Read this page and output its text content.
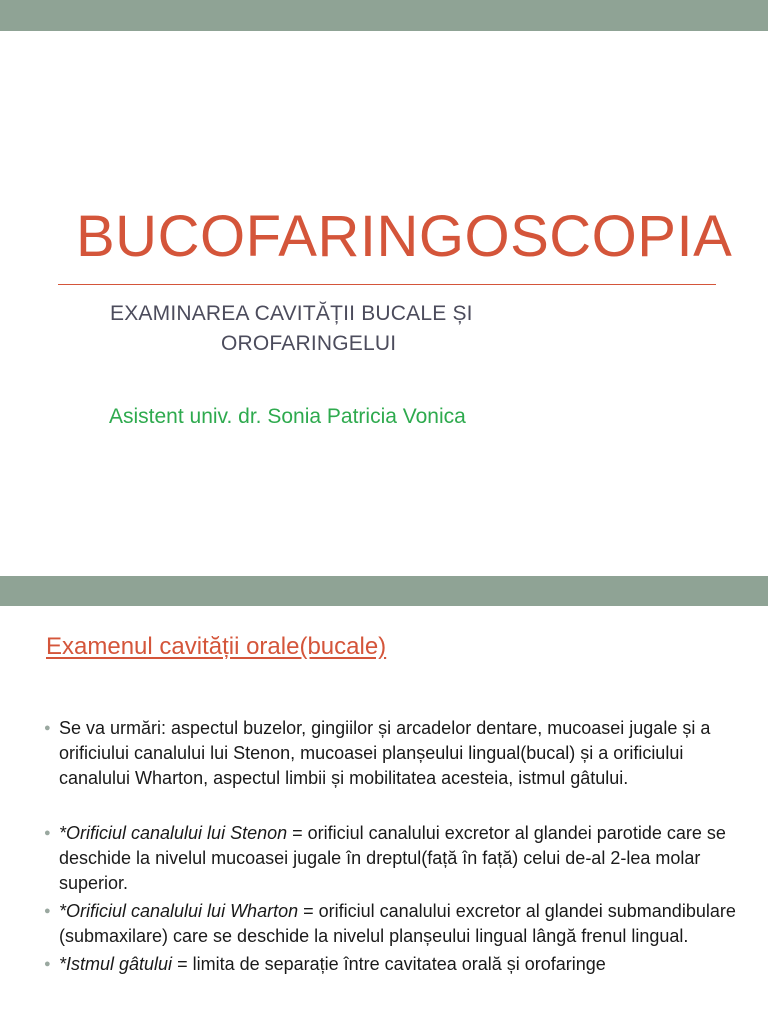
BUCOFARINGOSCOPIA
EXAMINAREA CAVITĂȚII BUCALE ȘI
OROFARINGELUI
Asistent univ. dr. Sonia Patricia Vonica
Examenul cavității orale(bucale)
● Se va urmări: aspectul buzelor, gingiilor și arcadelor dentare, mucoasei jugale și a orificiului canalului lui Stenon, mucoasei planșeului lingual(bucal) și a orificiului canalului Wharton, aspectul limbii și mobilitatea acesteia, istmul gâtului.
● *Orificiul canalului lui Stenon = orificiul canalului excretor al glandei parotide care se deschide la nivelul mucoasei jugale în dreptul(față în față) celui de-al 2-lea molar superior.
● *Orificiul canalului lui Wharton = orificiul canalului excretor al glandei submandibulare (submaxilare) care se deschide la nivelul planșeului lingual lângă frenul lingual.
● *Istmul gâtului = limita de separație între cavitatea orală și orofaringe
